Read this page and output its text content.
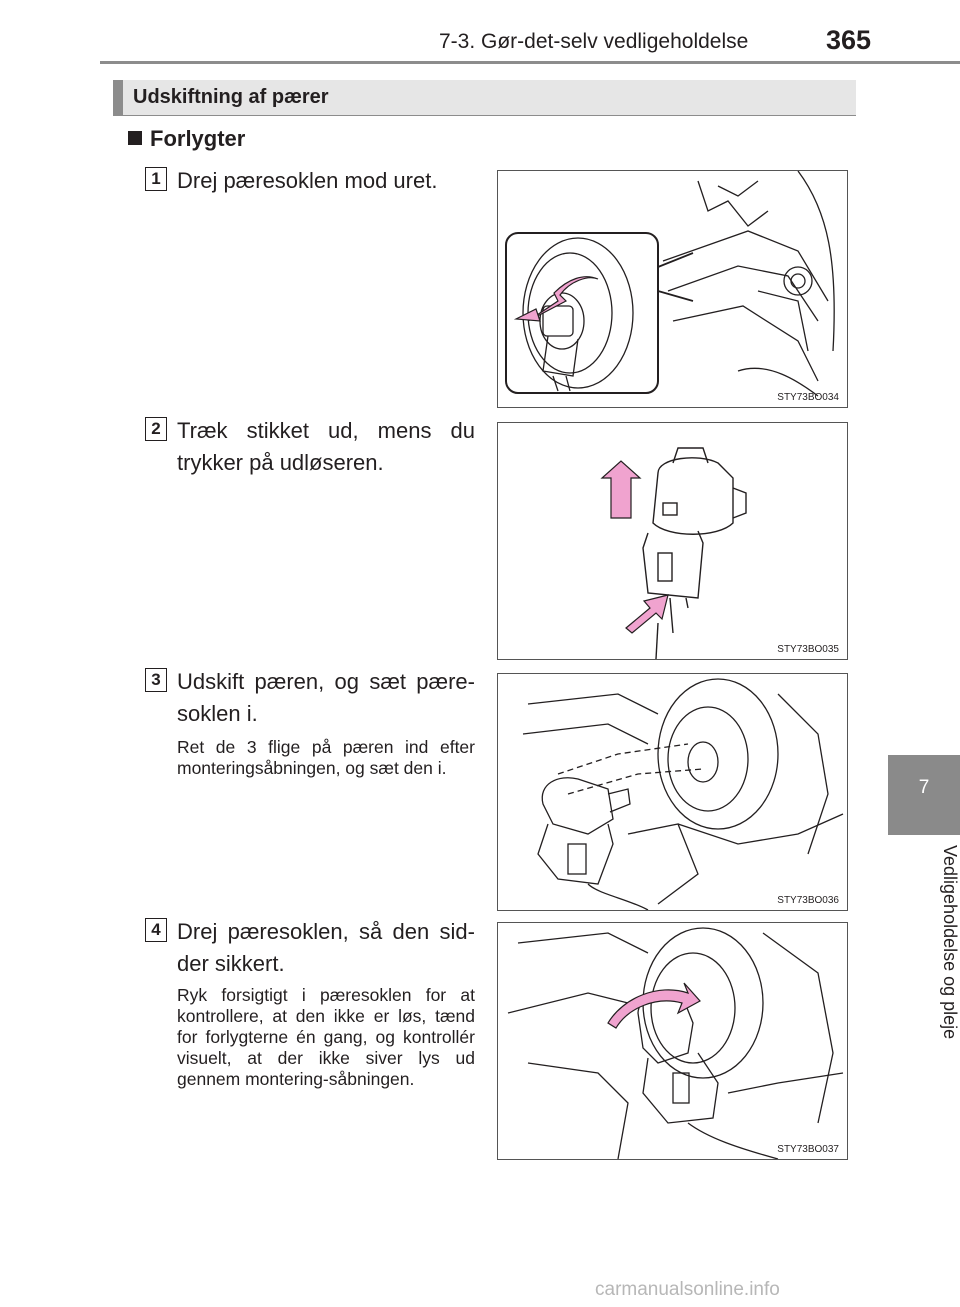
7-3. Gør-det-selv vedligeholdelse	365
7
Vedligeholdelse og pleje
Udskiftning af pærer
Forlygter
1 Drej pæresoklen mod uret.
STY73BO034
2 Træk stikket ud, mens du trykker på udløseren.
STY73BO035
3 Udskift pæren, og sæt pære-soklen i.
Ret de 3 flige på pæren ind efter monteringsåbningen, og sæt den i.
STY73BO036
4 Drej pæresoklen, så den sid-der sikkert.
Ryk forsigtigt i pæresoklen for at kontrollere, at den ikke er løs, tænd for forlygterne én gang, og kontrollér visuelt, at der ikke siver lys ud gennem montering-såbningen.
STY73BO037
carmanualsonline.info
